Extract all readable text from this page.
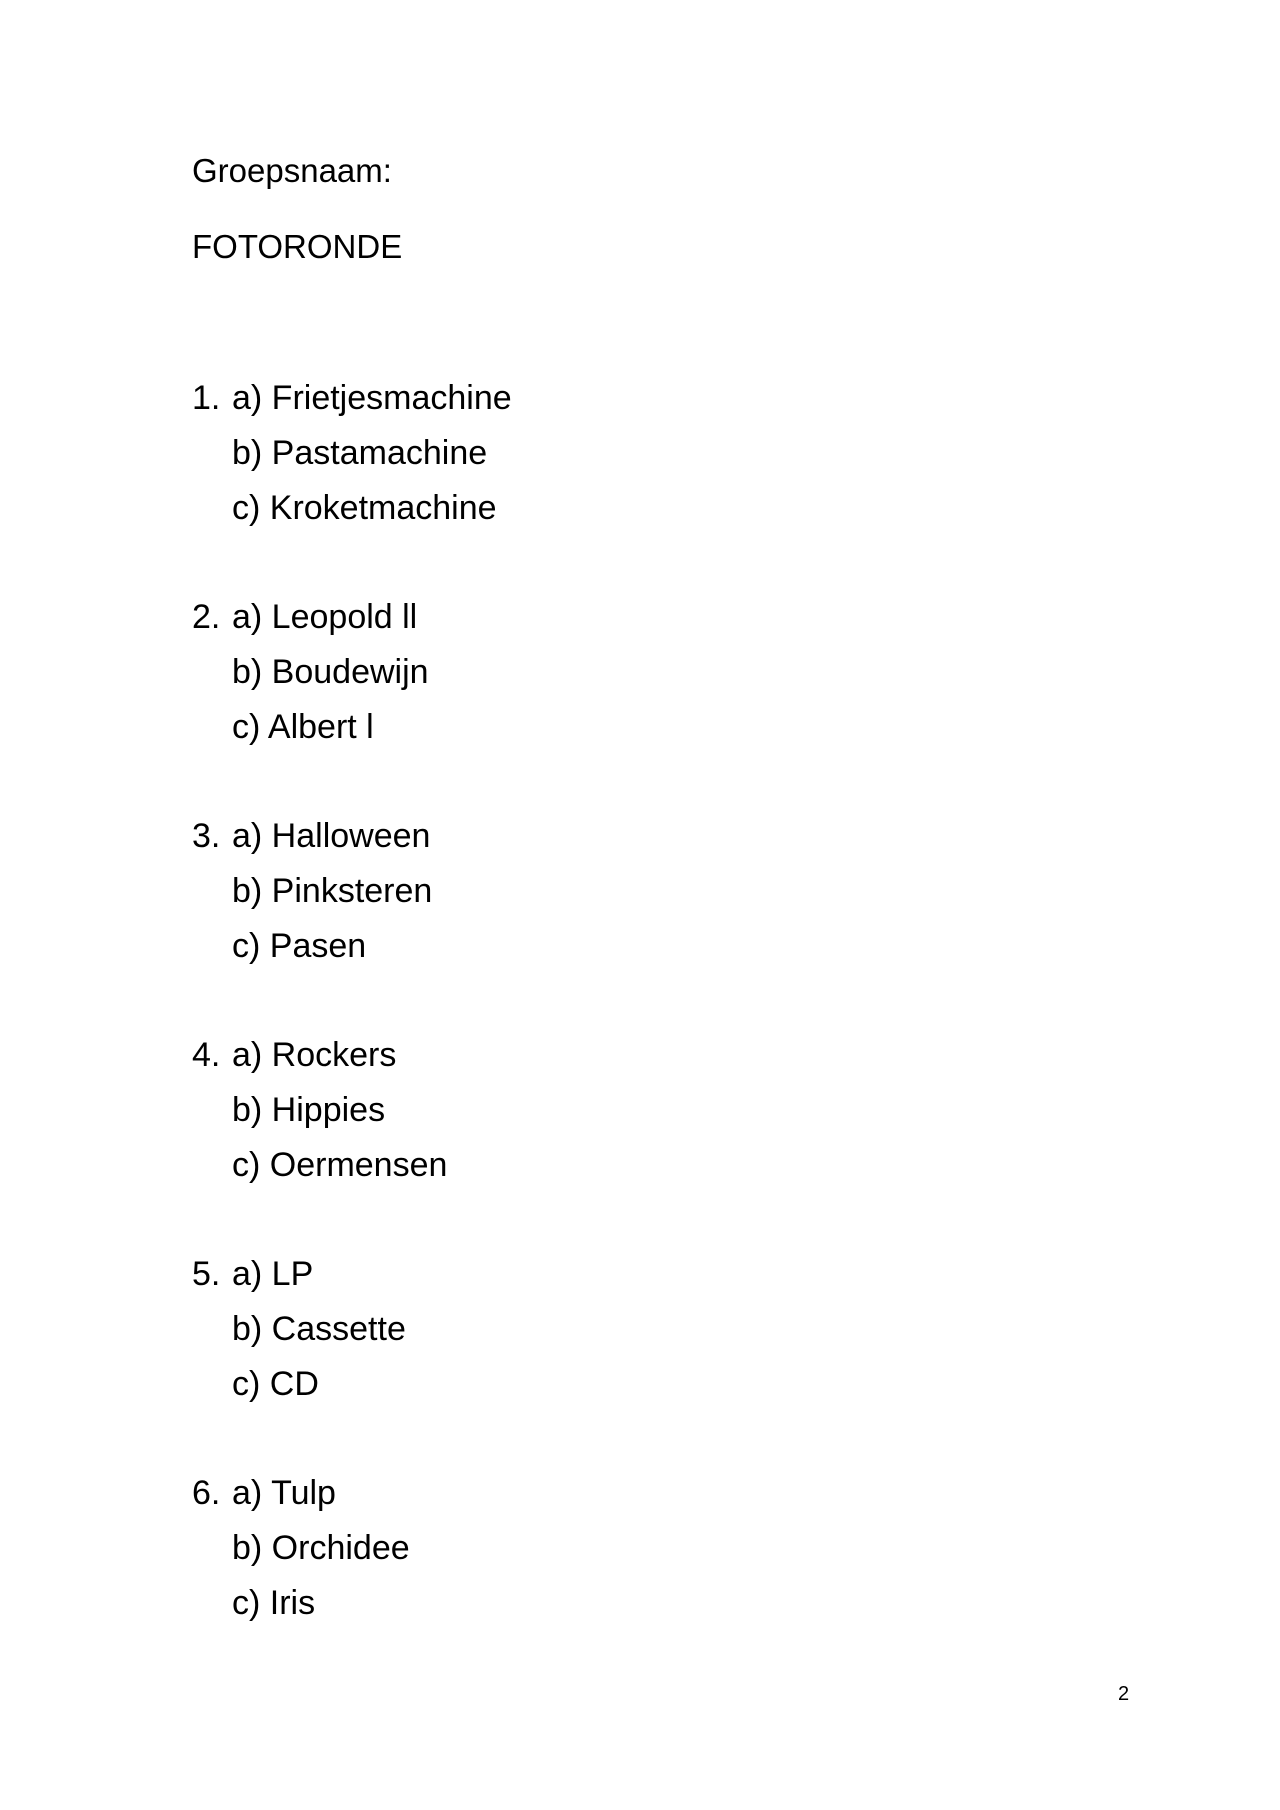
Groepsnaam:
FOTORONDE
1. a) Frietjesmachine
b) Pastamachine
c) Kroketmachine
2. a) Leopold ll
b) Boudewijn
c) Albert l
3. a) Halloween
b) Pinksteren
c) Pasen
4. a) Rockers
b) Hippies
c) Oermensen
5. a) LP
b) Cassette
c) CD
6. a) Tulp
b) Orchidee
c) Iris
2
